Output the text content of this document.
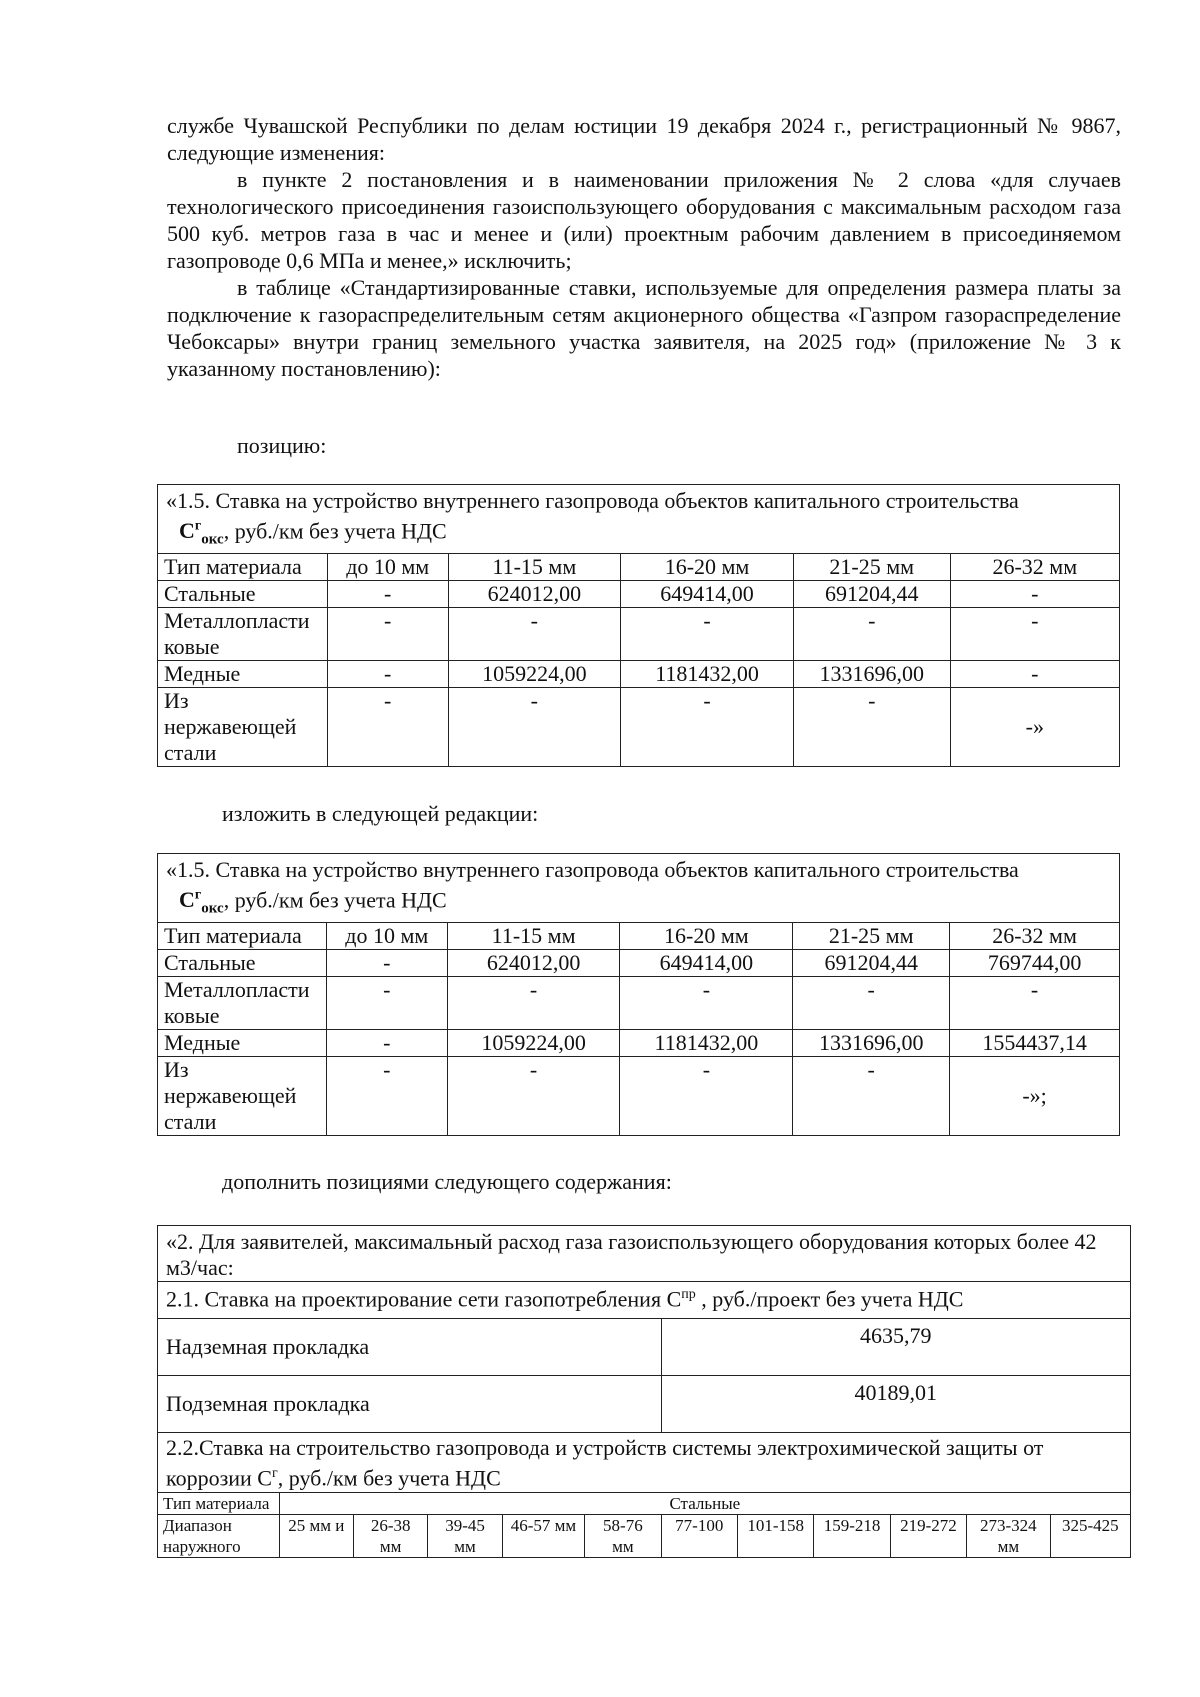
службе Чувашской Республики по делам юстиции 19 декабря 2024 г., регистрационный № 9867, следующие изменения:

в пункте 2 постановления и в наименовании приложения № 2 слова «для случаев технологического присоединения газоиспользующего оборудования с максимальным расходом газа 500 куб. метров газа в час и менее и (или) проектным рабочим давлением в присоединяемом газопроводе 0,6 МПа и менее,» исключить;

в таблице «Стандартизированные ставки, используемые для определения размера платы за подключение к газораспределительным сетям акционерного общества «Газпром газораспределение Чебоксары» внутри границ земельного участка заявителя, на 2025 год» (приложение № 3 к указанному постановлению):

позицию:

«1.5. Ставка на устройство внутреннего газопровода объектов капитального строительства
$С^г_{окс}$, руб./км без учета НДС					
Тип материала	до 10 мм	11-15 мм	16-20 мм	21-25 мм	26-32 мм
Стальные	-	624012,00	649414,00	691204,44	-
Металлопласти ковые	-	-	-	-	-
Медные	-	1059224,00	1181432,00	1331696,00	-
Из нержавеющей стали	-	-	-	-	-»

изложить в следующей редакции:

«1.5. Ставка на устройство внутреннего газопровода объектов капитального строительства
$С^г_{окс}$, руб./км без учета НДС					
Тип материала	до 10 мм	11-15 мм	16-20 мм	21-25 мм	26-32 мм
Стальные	-	624012,00	649414,00	691204,44	769744,00
Металлопласти ковые	-	-	-	-	-
Медные	-	1059224,00	1181432,00	1331696,00	1554437,14
Из нержавеющей стали	-	-	-	-	-»;

дополнить позициями следующего содержания:

«2. Для заявителей, максимальный расход газа газоиспользующего оборудования которых более 42 м3/час:											
2.1. Ставка на проектирование сети газопотребления $С^{пр}$ , руб./проект без учета НДС											
Надземная прокладка						4635,79					
Подземная прокладка						40189,01					
2.2.Ставка на строительство газопровода и устройств системы электрохимической защиты от коррозии $С^г$, руб./км без учета НДС											
Тип материала	Стальные										
Диапазон наружного	25 мм и	26-38 мм	39-45 мм	46-57 мм	58-76 мм	77-100	101-158	159-218	219-272	273-324 мм	325-425
